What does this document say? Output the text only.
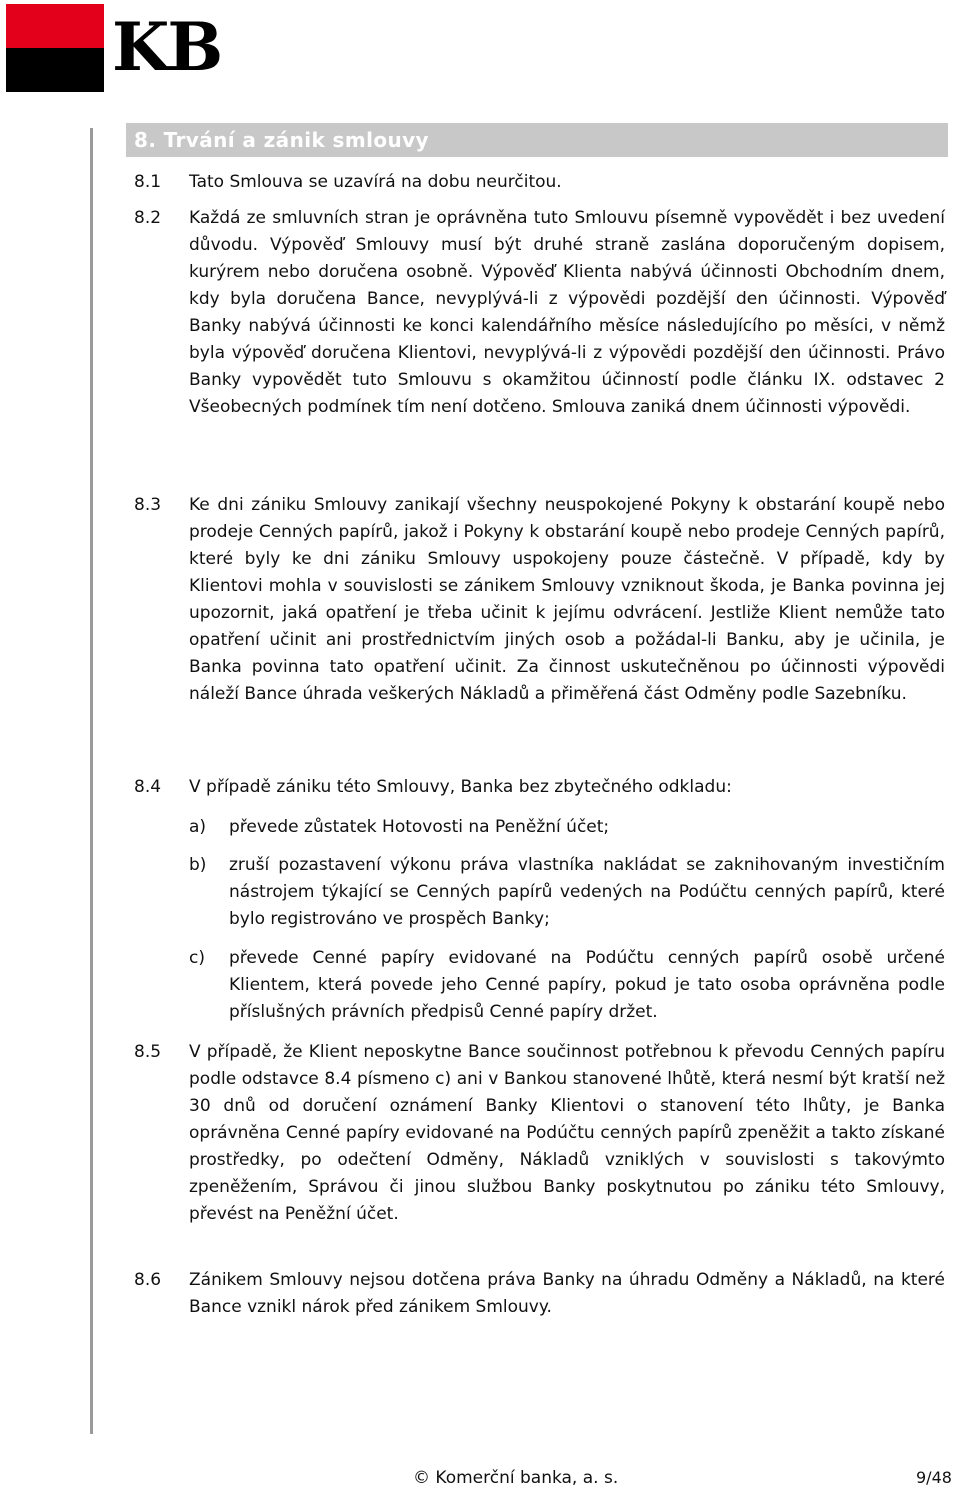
KB
8. Trvání a zánik smlouvy
8.1 Tato Smlouva se uzavírá na dobu neurčitou.
8.2 Každá ze smluvních stran je oprávněna tuto Smlouvu písemně vypovědět i bez uvedení důvodu. Výpověď Smlouvy musí být druhé straně zaslána doporučeným dopisem, kurýrem nebo doručena osobně. Výpověď Klienta nabývá účinnosti Obchodním dnem, kdy byla doručena Bance, nevyplývá-li z výpovědi pozdější den účinnosti. Výpověď Banky nabývá účinnosti ke konci kalendářního měsíce následujícího po měsíci, v němž byla výpověď doručena Klientovi, nevyplývá-li z výpovědi pozdější den účinnosti. Právo Banky vypovědět tuto Smlouvu s okamžitou účinností podle článku IX. odstavec 2 Všeobecných podmínek tím není dotčeno. Smlouva zaniká dnem účinnosti výpovědi.
8.3 Ke dni zániku Smlouvy zanikají všechny neuspokojené Pokyny k obstarání koupě nebo prodeje Cenných papírů, jakož i Pokyny k obstarání koupě nebo prodeje Cenných papírů, které byly ke dni zániku Smlouvy uspokojeny pouze částečně. V případě, kdy by Klientovi mohla v souvislosti se zánikem Smlouvy vzniknout škoda, je Banka povinna jej upozornit, jaká opatření je třeba učinit k jejímu odvrácení. Jestliže Klient nemůže tato opatření učinit ani prostřednictvím jiných osob a požádal-li Banku, aby je učinila, je Banka povinna tato opatření učinit. Za činnost uskutečněnou po účinnosti výpovědi náleží Bance úhrada veškerých Nákladů a přiměřená část Odměny podle Sazebníku.
8.4 V případě zániku této Smlouvy, Banka bez zbytečného odkladu:
a) převede zůstatek Hotovosti na Peněžní účet;
b) zruší pozastavení výkonu práva vlastníka nakládat se zaknihovaným investičním nástrojem týkající se Cenných papírů vedených na Podúčtu cenných papírů, které bylo registrováno ve prospěch Banky;
c) převede Cenné papíry evidované na Podúčtu cenných papírů osobě určené Klientem, která povede jeho Cenné papíry, pokud je tato osoba oprávněna podle příslušných právních předpisů Cenné papíry držet.
8.5 V případě, že Klient neposkytne Bance součinnost potřebnou k převodu Cenných papíru podle odstavce 8.4 písmeno c) ani v Bankou stanovené lhůtě, která nesmí být kratší než 30 dnů od doručení oznámení Banky Klientovi o stanovení této lhůty, je Banka oprávněna Cenné papíry evidované na Podúčtu cenných papírů zpeněžit a takto získané prostředky, po odečtení Odměny, Nákladů vzniklých v souvislosti s takovýmto zpeněžením, Správou či jinou službou Banky poskytnutou po zániku této Smlouvy, převést na Peněžní účet.
8.6 Zánikem Smlouvy nejsou dotčena práva Banky na úhradu Odměny a Nákladů, na které Bance vznikl nárok před zánikem Smlouvy.
© Komerční banka, a. s.	9/48
